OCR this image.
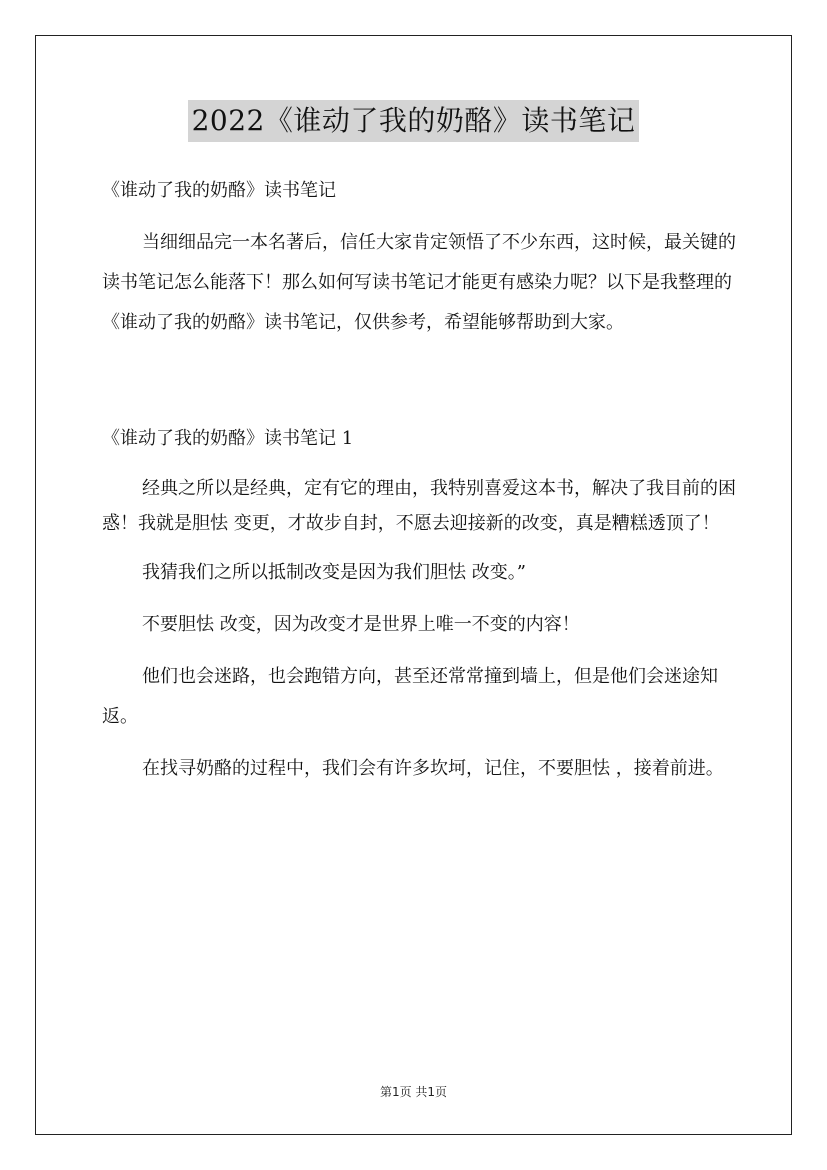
2022《谁动了我的奶酪》读书笔记

《谁动了我的奶酪》读书笔记

当细细品完一本名著后，信任大家肯定领悟了不少东西，这时候，最关键的读书笔记怎么能落下！那么如何写读书笔记才能更有感染力呢？以下是我整理的《谁动了我的奶酪》读书笔记，仅供参考，希望能够帮助到大家。

《谁动了我的奶酪》读书笔记 1

经典之所以是经典，定有它的理由，我特别喜爱这本书，解决了我目前的困惑！我就是胆怯 变更，才故步自封，不愿去迎接新的改变，真是糟糕透顶了！

我猜我们之所以抵制改变是因为我们胆怯 改变。”

不要胆怯 改变，因为改变才是世界上唯一不变的内容！

他们也会迷路，也会跑错方向，甚至还常常撞到墙上，但是他们会迷途知返。

在找寻奶酪的过程中，我们会有许多坎坷，记住，不要胆怯 ，接着前进。

第1页 共1页
